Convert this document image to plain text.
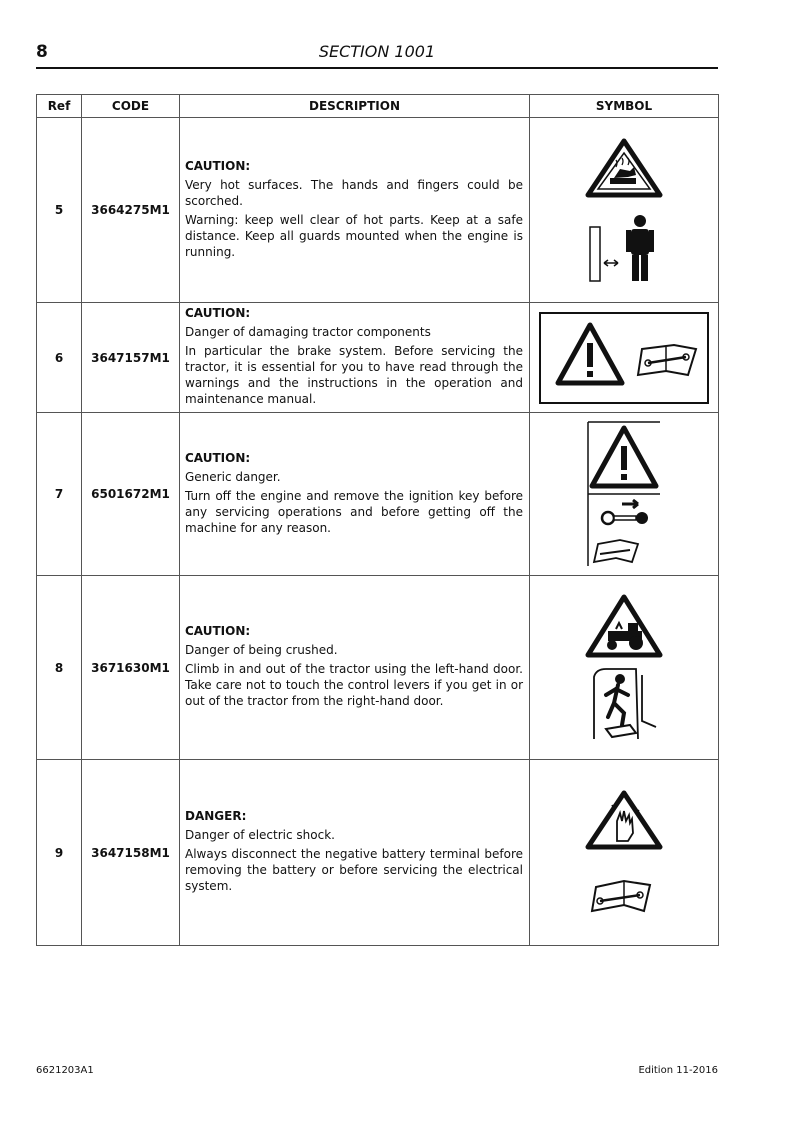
8	SECTION 1001
Ref	CODE	DESCRIPTION	SYMBOL
5	3664275M1	CAUTION:
Very hot surfaces. The hands and fingers could be scorched.
Warning: keep well clear of hot parts. Keep at a safe distance. Keep all guards mounted when the engine is running.

6	3647157M1	CAUTION:
Danger of damaging tractor components
In particular the brake system. Before servicing the tractor, it is essential for you to have read through the warnings and the instructions in the operation and maintenance manual.

7	6501672M1	CAUTION:
Generic danger.
Turn off the engine and remove the ignition key before any servicing operations and before getting off the machine for any reason.

8	3671630M1	CAUTION:
Danger of being crushed.
Climb in and out of the tractor using the left-hand door. Take care not to touch the control levers if you get in or out of the tractor from the right-hand door.

9	3647158M1	DANGER:
Danger of electric shock.
Always disconnect the negative battery terminal before removing the battery or before servicing the electrical system.

6621203A1	Edition 11-2016
